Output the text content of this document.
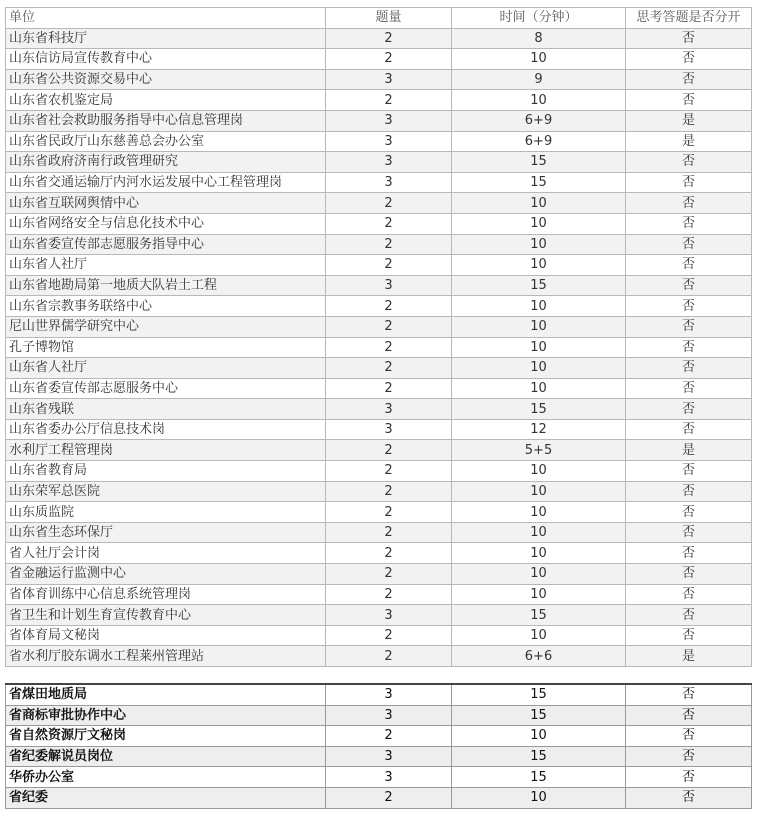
单位	题量	时间（分钟）	思考答题是否分开
山东省科技厅	2	8	否
山东信访局宣传教育中心	2	10	否
山东省公共资源交易中心	3	9	否
山东省农机鉴定局	2	10	否
山东省社会救助服务指导中心信息管理岗	3	6+9	是
山东省民政厅山东慈善总会办公室	3	6+9	是
山东省政府济南行政管理研究	3	15	否
山东省交通运输厅内河水运发展中心工程管理岗	3	15	否
山东省互联网舆情中心	2	10	否
山东省网络安全与信息化技术中心	2	10	否
山东省委宣传部志愿服务指导中心	2	10	否
山东省人社厅	2	10	否
山东省地勘局第一地质大队岩土工程	3	15	否
山东省宗教事务联络中心	2	10	否
尼山世界儒学研究中心	2	10	否
孔子博物馆	2	10	否
山东省人社厅	2	10	否
山东省委宣传部志愿服务中心	2	10	否
山东省残联	3	15	否
山东省委办公厅信息技术岗	3	12	否
水利厅工程管理岗	2	5+5	是
山东省教育局	2	10	否
山东荣军总医院	2	10	否
山东质监院	2	10	否
山东省生态环保厅	2	10	否
省人社厅会计岗	2	10	否
省金融运行监测中心	2	10	否
省体育训练中心信息系统管理岗	2	10	否
省卫生和计划生育宣传教育中心	3	15	否
省体育局文秘岗	2	10	否
省水利厅胶东调水工程莱州管理站	2	6+6	是
省煤田地质局	3	15	否
省商标审批协作中心	3	15	否
省自然资源厅文秘岗	2	10	否
省纪委解说员岗位	3	15	否
华侨办公室	3	15	否
省纪委	2	10	否
